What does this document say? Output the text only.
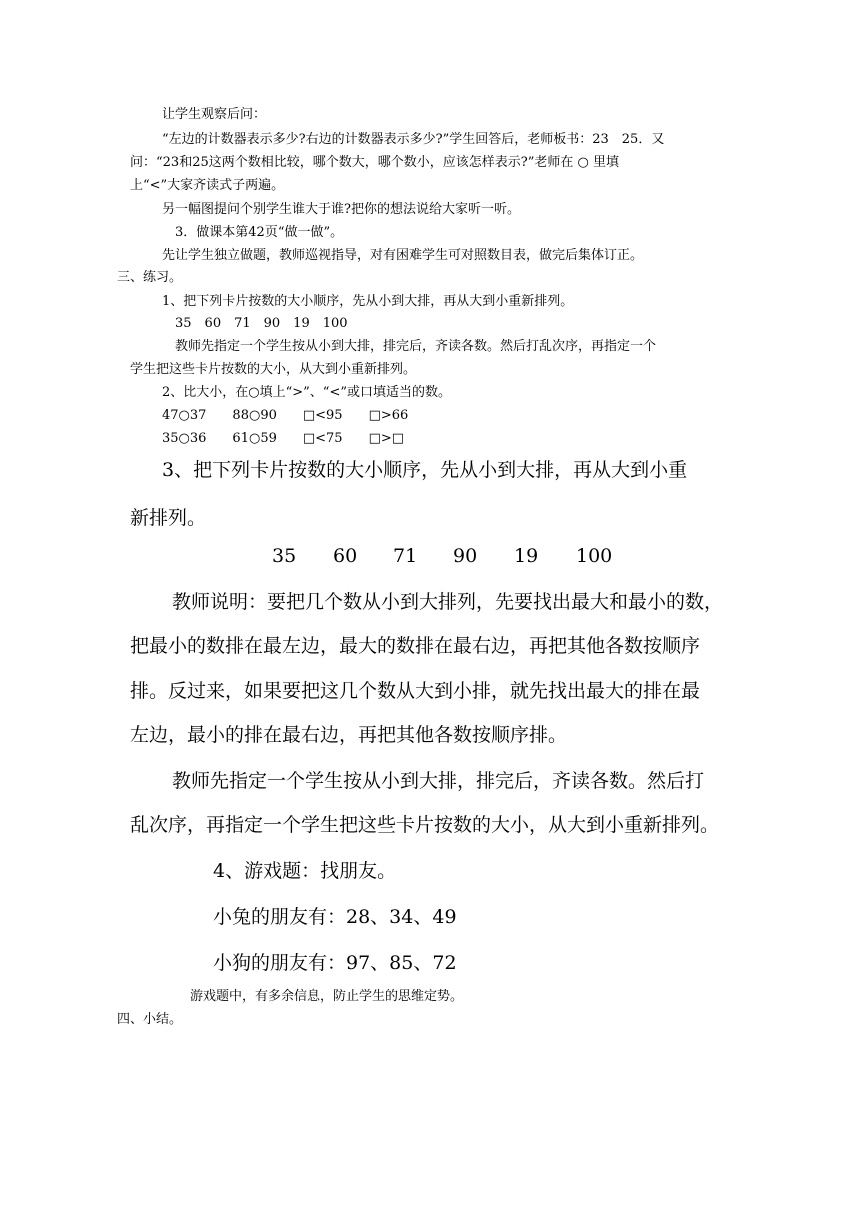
让学生观察后问：

“左边的计数器表示多少?右边的计数器表示多少?”学生回答后，老师板书：23　25．又

问：“23和25这两个数相比较，哪个数大，哪个数小，应该怎样表示?”老师在 ○ 里填

上“<”大家齐读式子两遍。

另一幅图提问个别学生谁大于谁?把你的想法说给大家听一听。

3．做课本第42页“做一做”。

先让学生独立做题，教师巡视指导，对有困难学生可对照数目表，做完后集体订正。

三、练习。

1、把下列卡片按数的大小顺序，先从小到大排，再从大到小重新排列。

35　60　71　90　19　100

教师先指定一个学生按从小到大排，排完后，齐读各数。然后打乱次序，再指定一个

学生把这些卡片按数的大小，从大到小重新排列。

2、比大小，在○填上“>”、“<”或口填适当的数。

47○37　　88○90　　□<95　　□>66

35○36　　61○59　　□<75　　□>□

3、把下列卡片按数的大小顺序，先从小到大排，再从大到小重

新排列。

35 60 71 90 19 100

教师说明：要把几个数从小到大排列，先要找出最大和最小的数，

把最小的数排在最左边，最大的数排在最右边，再把其他各数按顺序

排。反过来，如果要把这几个数从大到小排，就先找出最大的排在最

左边，最小的排在最右边，再把其他各数按顺序排。

教师先指定一个学生按从小到大排，排完后，齐读各数。然后打

乱次序，再指定一个学生把这些卡片按数的大小，从大到小重新排列。

4、游戏题：找朋友。

小兔的朋友有：28、34、49

小狗的朋友有：97、85、72

游戏题中，有多余信息，防止学生的思维定势。

四、小结。
